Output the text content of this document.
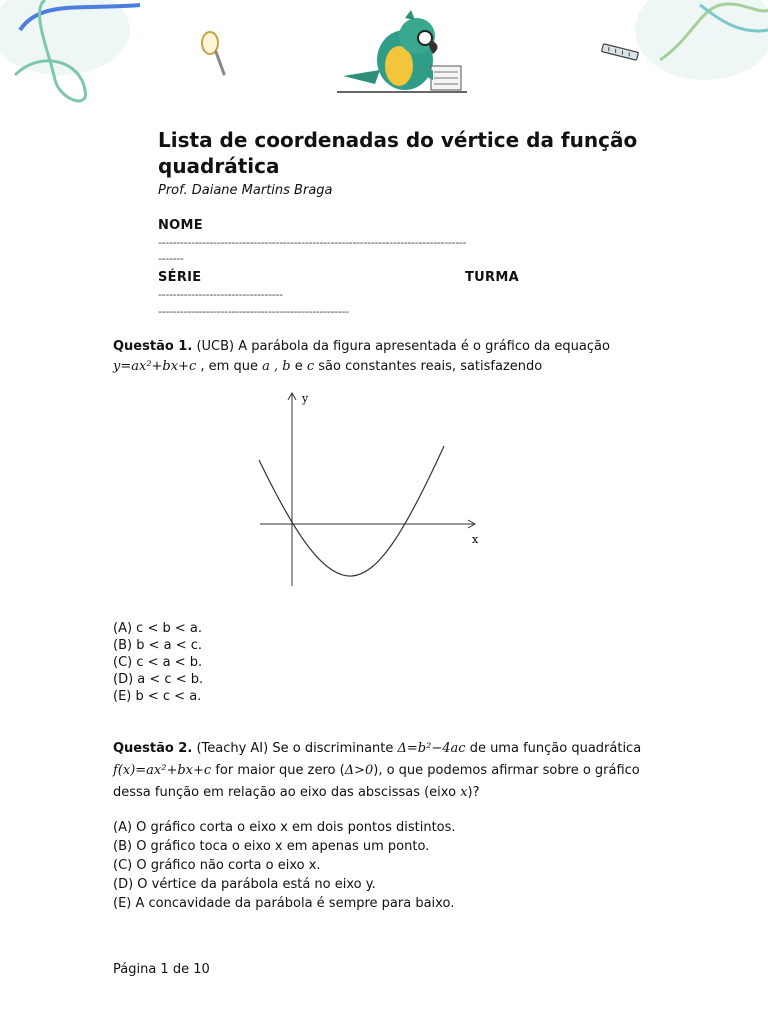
Lista de coordenadas do vértice da função quadrática
Prof. Daiane Martins Braga
NOME
------------------------------------------------------------------------------------
-------
SÉRIE	TURMA
----------------------------------
----------------------------------------------------
Questão 1. (UCB) A parábola da figura apresentada é o gráfico da equação
y=ax²+bx+c , em que a , b e c são constantes reais, satisfazendo
y
x
(A) c < b < a.
(B) b < a < c.
(C) c < a < b.
(D) a < c < b.
(E) b < c < a.
Questão 2. (Teachy AI) Se o discriminante Δ=b²−4ac de uma função quadrática
f(x)=ax²+bx+c for maior que zero (Δ>0), o que podemos afirmar sobre o gráfico
dessa função em relação ao eixo das abscissas (eixo x)?
(A) O gráfico corta o eixo x em dois pontos distintos.
(B) O gráfico toca o eixo x em apenas um ponto.
(C) O gráfico não corta o eixo x.
(D) O vértice da parábola está no eixo y.
(E) A concavidade da parábola é sempre para baixo.
Página 1 de 10
